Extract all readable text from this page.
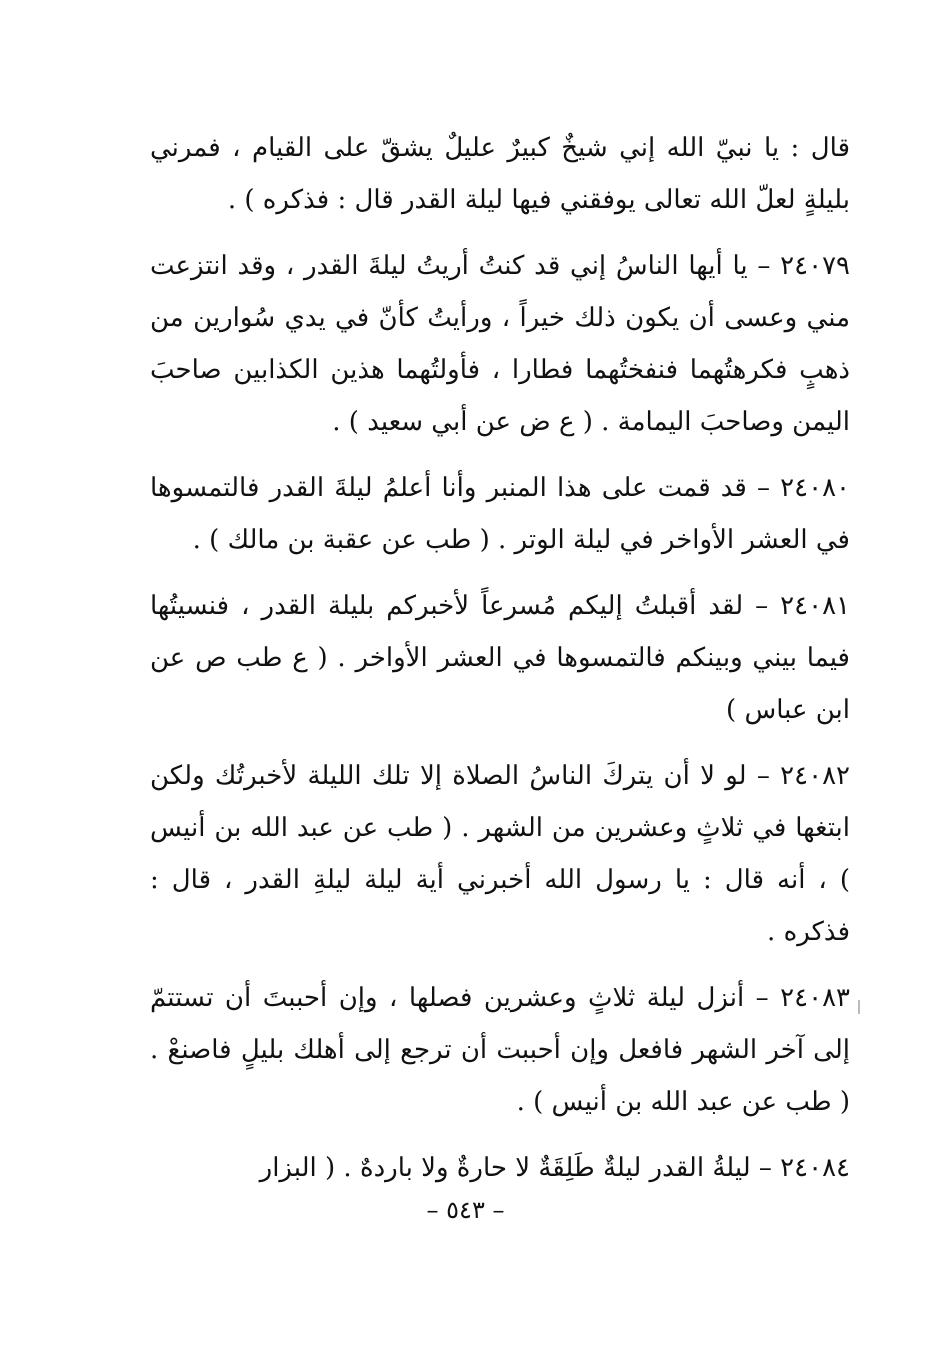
قال : يا نبيّ الله إني شيخٌ كبيرٌ عليلٌ يشقّ على القيام ، فمرني بليلةٍ لعلّ الله تعالى يوفقني فيها ليلة القدر قال : فذكره ) .

٢٤٠٧٩ – يا أيها الناسُ إني قد كنتُ أريتُ ليلةَ القدر ، وقد انتزعت مني وعسى أن يكون ذلك خيراً ، ورأيتُ كأنّ في يدي سُوارين من ذهبٍ فكرهتُهما فنفختُهما فطارا ، فأولتُهما هذين الكذابين صاحبَ اليمن وصاحبَ اليمامة . ( ع ض عن أبي سعيد ) .

٢٤٠٨٠ – قد قمت على هذا المنبر وأنا أعلمُ ليلةَ القدر فالتمسوها في العشر الأواخر في ليلة الوتر . ( طب عن عقبة بن مالك ) .

٢٤٠٨١ – لقد أقبلتُ إليكم مُسرعاً لأخبركم بليلة القدر ، فنسيتُها فيما بيني وبينكم فالتمسوها في العشر الأواخر . ( ع طب ص عن ابن عباس )

٢٤٠٨٢ – لو لا أن يتركَ الناسُ الصلاة إلا تلك الليلة لأخبرتُك ولكن ابتغها في ثلاثٍ وعشرين من الشهر . ( طب عن عبد الله بن أنيس ) ، أنه قال : يا رسول الله أخبرني أية ليلة ليلةِ القدر ، قال : فذكره .

٢٤٠٨٣ – أنزل ليلة ثلاثٍ وعشرين فصلها ، وإن أحببتَ أن تستتمّ إلى آخر الشهر فافعل وإن أحببت أن ترجع إلى أهلك بليلٍ فاصنعْ . ( طب عن عبد الله بن أنيس ) .

٢٤٠٨٤ – ليلةُ القدر ليلةٌ طَلِقَةٌ لا حارةٌ ولا باردهٌ . ( البزار

– ٥٤٣ –
